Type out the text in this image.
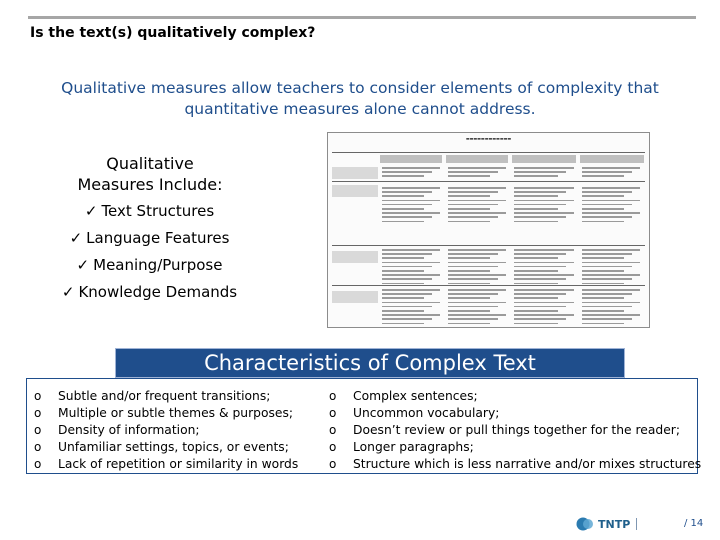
Is the text(s) qualitatively complex?
Qualitative measures allow teachers to consider elements of complexity that
quantitative measures alone cannot address.
Qualitative
Measures Include:
✓ Text Structures
✓ Language Features
✓ Meaning/Purpose
✓ Knowledge Demands
▬▬▬▬▬▬▬▬▬▬▬▬
Characteristics of Complex Text
o	Subtle and/or frequent transitions;
o	Multiple or subtle themes & purposes;
o	Density of information;
o	Unfamiliar settings, topics, or events;
o	Lack of repetition or similarity in words
o	Complex sentences;
o	Uncommon vocabulary;
o	Doesn’t review or pull things together for the reader;
o	Longer paragraphs;
o	Structure which is less narrative and/or mixes structures
TNTP	/ 14
